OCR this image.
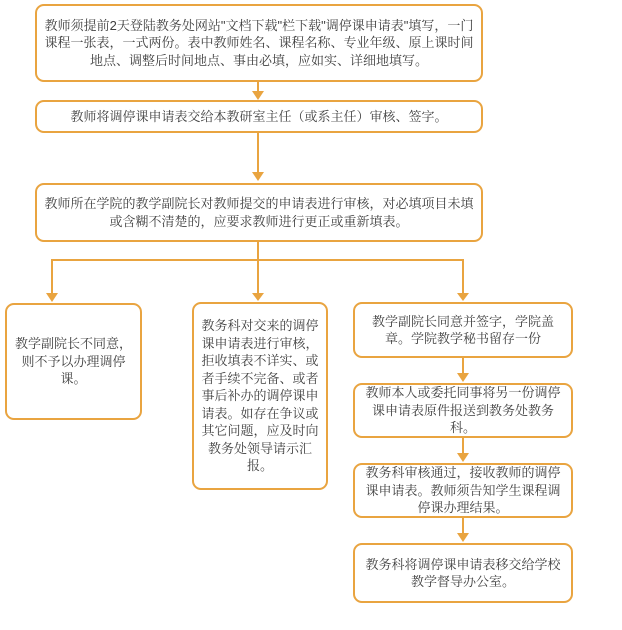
教师须提前2天登陆教务处网站"文档下载"栏下载"调停课申请表"填写，一门课程一张表，一式两份。表中教师姓名、课程名称、专业年级、原上课时间地点、调整后时间地点、事由必填，应如实、详细地填写。
教师将调停课申请表交给本教研室主任（或系主任）审核、签字。
教师所在学院的教学副院长对教师提交的申请表进行审核，对必填项目未填或含糊不清楚的，应要求教师进行更正或重新填表。
教学副院长不同意，则不予以办理调停课。
教务科对交来的调停课申请表进行审核，拒收填表不详实、或者手续不完备、或者事后补办的调停课申请表。如存在争议或其它问题，应及时向教务处领导请示汇报。
教学副院长同意并签字，学院盖章。学院教学秘书留存一份
教师本人或委托同事将另一份调停课申请表原件报送到教务处教务科。
教务科审核通过，接收教师的调停课申请表。教师须告知学生课程调停课办理结果。
教务科将调停课申请表移交给学校教学督导办公室。
